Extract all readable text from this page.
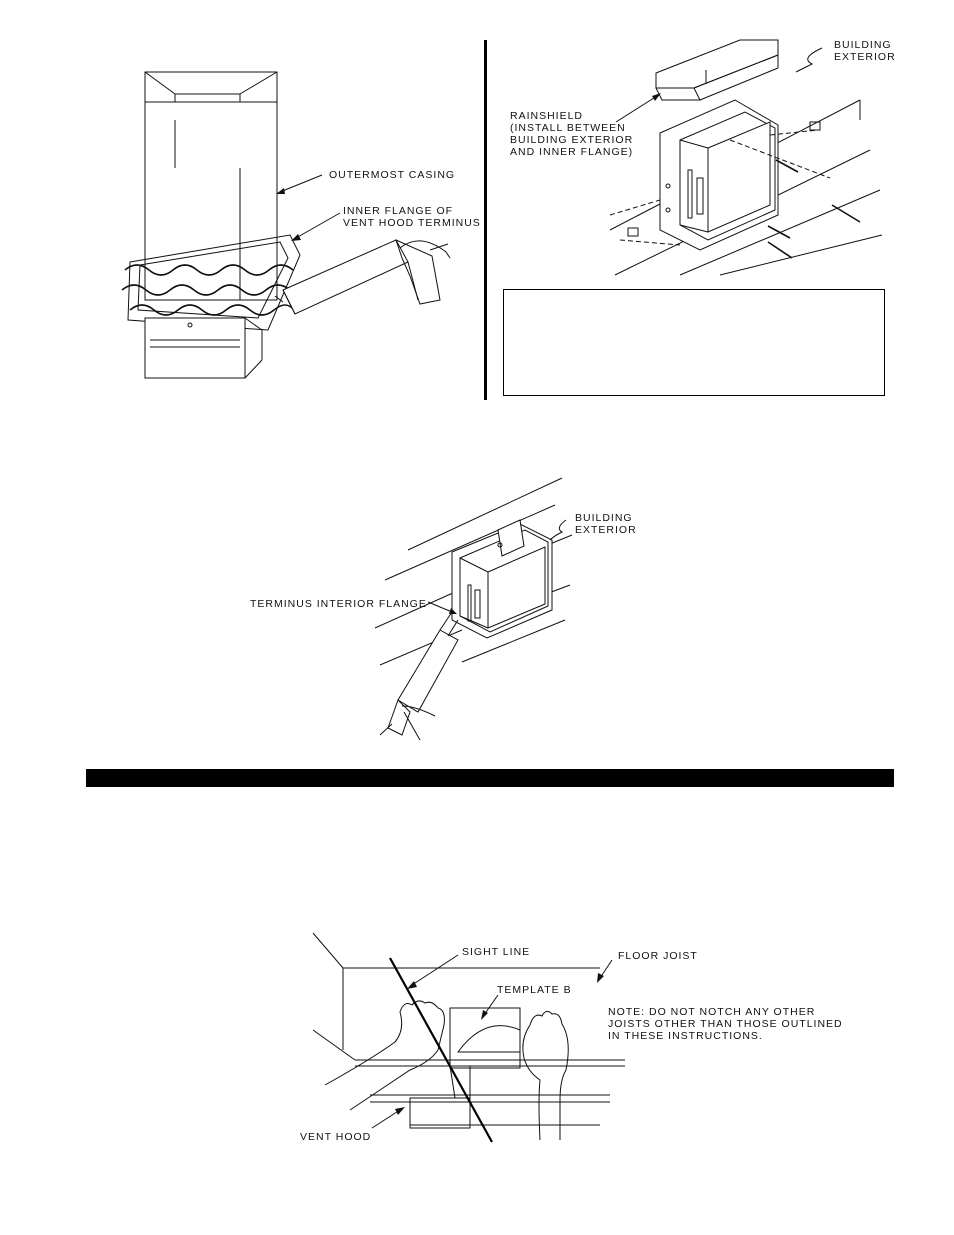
OUTERMOST CASING
INNER FLANGE OF
VENT HOOD TERMINUS
BUILDING
EXTERIOR
RAINSHIELD
(INSTALL BETWEEN
BUILDING EXTERIOR
AND INNER FLANGE)
BUILDING
EXTERIOR
TERMINUS INTERIOR FLANGE
SIGHT LINE	FLOOR JOIST
TEMPLATE B
NOTE: DO NOT NOTCH ANY OTHER
JOISTS OTHER THAN THOSE OUTLINED
IN THESE INSTRUCTIONS.
VENT HOOD
